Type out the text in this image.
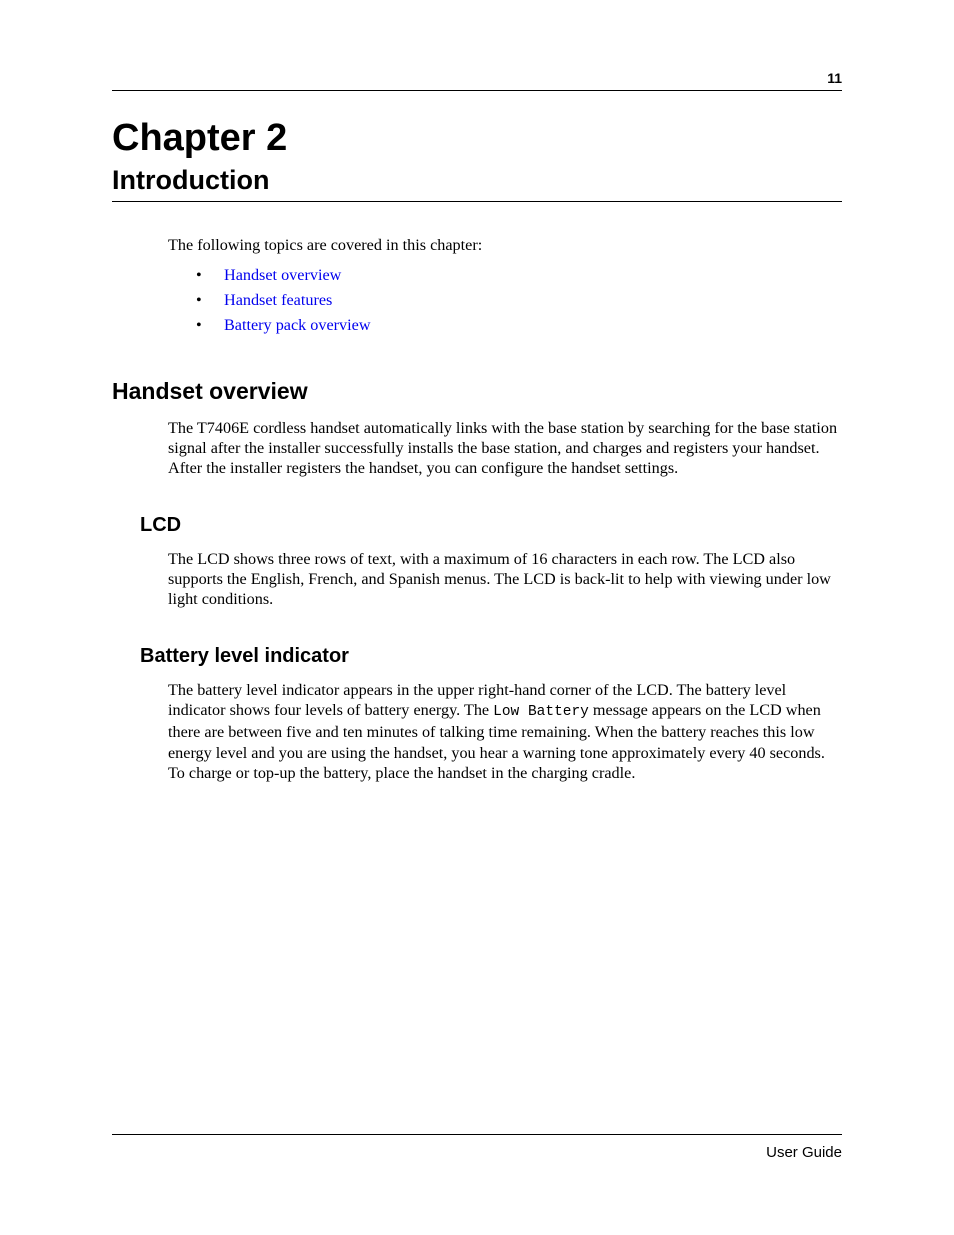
11
Chapter 2
Introduction

The following topics are covered in this chapter:

• Handset overview
• Handset features
• Battery pack overview
Handset overview

The T7406E cordless handset automatically links with the base station by searching for the base station signal after the installer successfully installs the base station, and charges and registers your handset. After the installer registers the handset, you can configure the handset settings.

LCD

The LCD shows three rows of text, with a maximum of 16 characters in each row. The LCD also supports the English, French, and Spanish menus. The LCD is back-lit to help with viewing under low light conditions.

Battery level indicator

The battery level indicator appears in the upper right-hand corner of the LCD. The battery level indicator shows four levels of battery energy. The Low Battery message appears on the LCD when there are between five and ten minutes of talking time remaining. When the battery reaches this low energy level and you are using the handset, you hear a warning tone approximately every 40 seconds. To charge or top-up the battery, place the handset in the charging cradle.

User Guide
